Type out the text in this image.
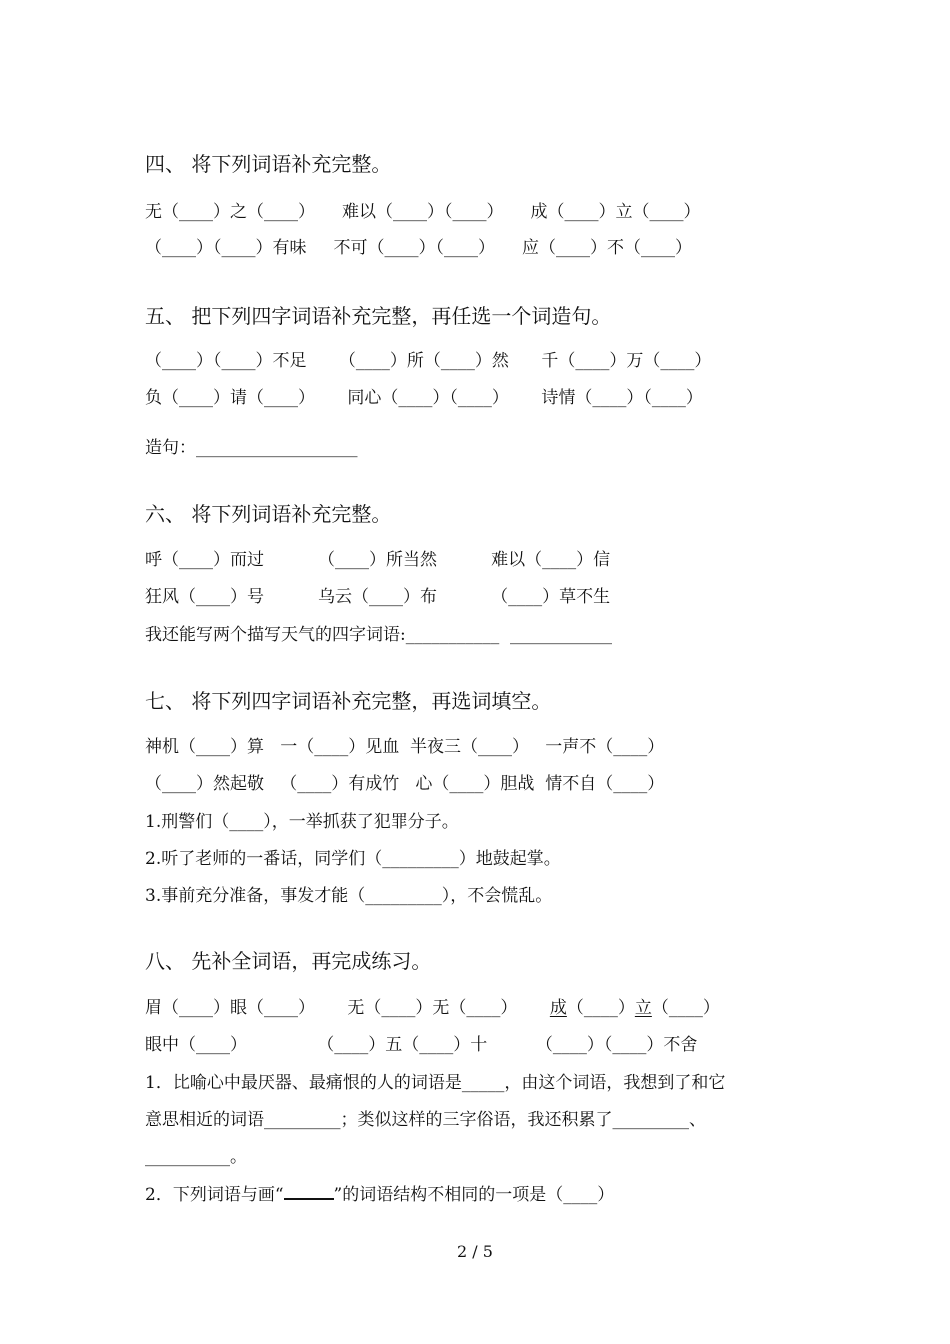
四、 将下列词语补充完整。
无（____）之（____）     难以（____）（____）     成（____）立（____）
（____）（____）有味     不可（____）（____）     应（____）不（____）
五、 把下列四字词语补充完整，再任选一个词造句。
（____）（____）不足      （____）所（____）然      千（____）万（____）
负（____）请（____）      同心（____）（____）      诗情（____）（____）
造句：___________________
六、 将下列词语补充完整。
呼（____）而过          （____）所当然          难以（____）信
狂风（____）号          乌云（____）布          （____）草不生
我还能写两个描写天气的四字词语:___________  ____________
七、 将下列四字词语补充完整，再选词填空。
神机（____）算   一（____）见血  半夜三（____）   一声不（____）
（____）然起敬   （____）有成竹   心（____）胆战  情不自（____）
1.刑警们（____），一举抓获了犯罪分子。
2.听了老师的一番话，同学们（_________）地鼓起掌。
3.事前充分准备，事发才能（_________），不会慌乱。
八、 先补全词语，再完成练习。
眉（____）眼（____）      无（____）无（____）      成（____）立（____）
眼中（____）             （____）五（____）十         （____）（____）不舍
1．比喻心中最厌器、最痛恨的人的词语是_____，由这个词语，我想到了和它
意思相近的词语_________；类似这样的三字俗语，我还积累了_________、
__________。
2．下列词语与画“	”的词语结构不相同的一项是（____）
2 / 5
